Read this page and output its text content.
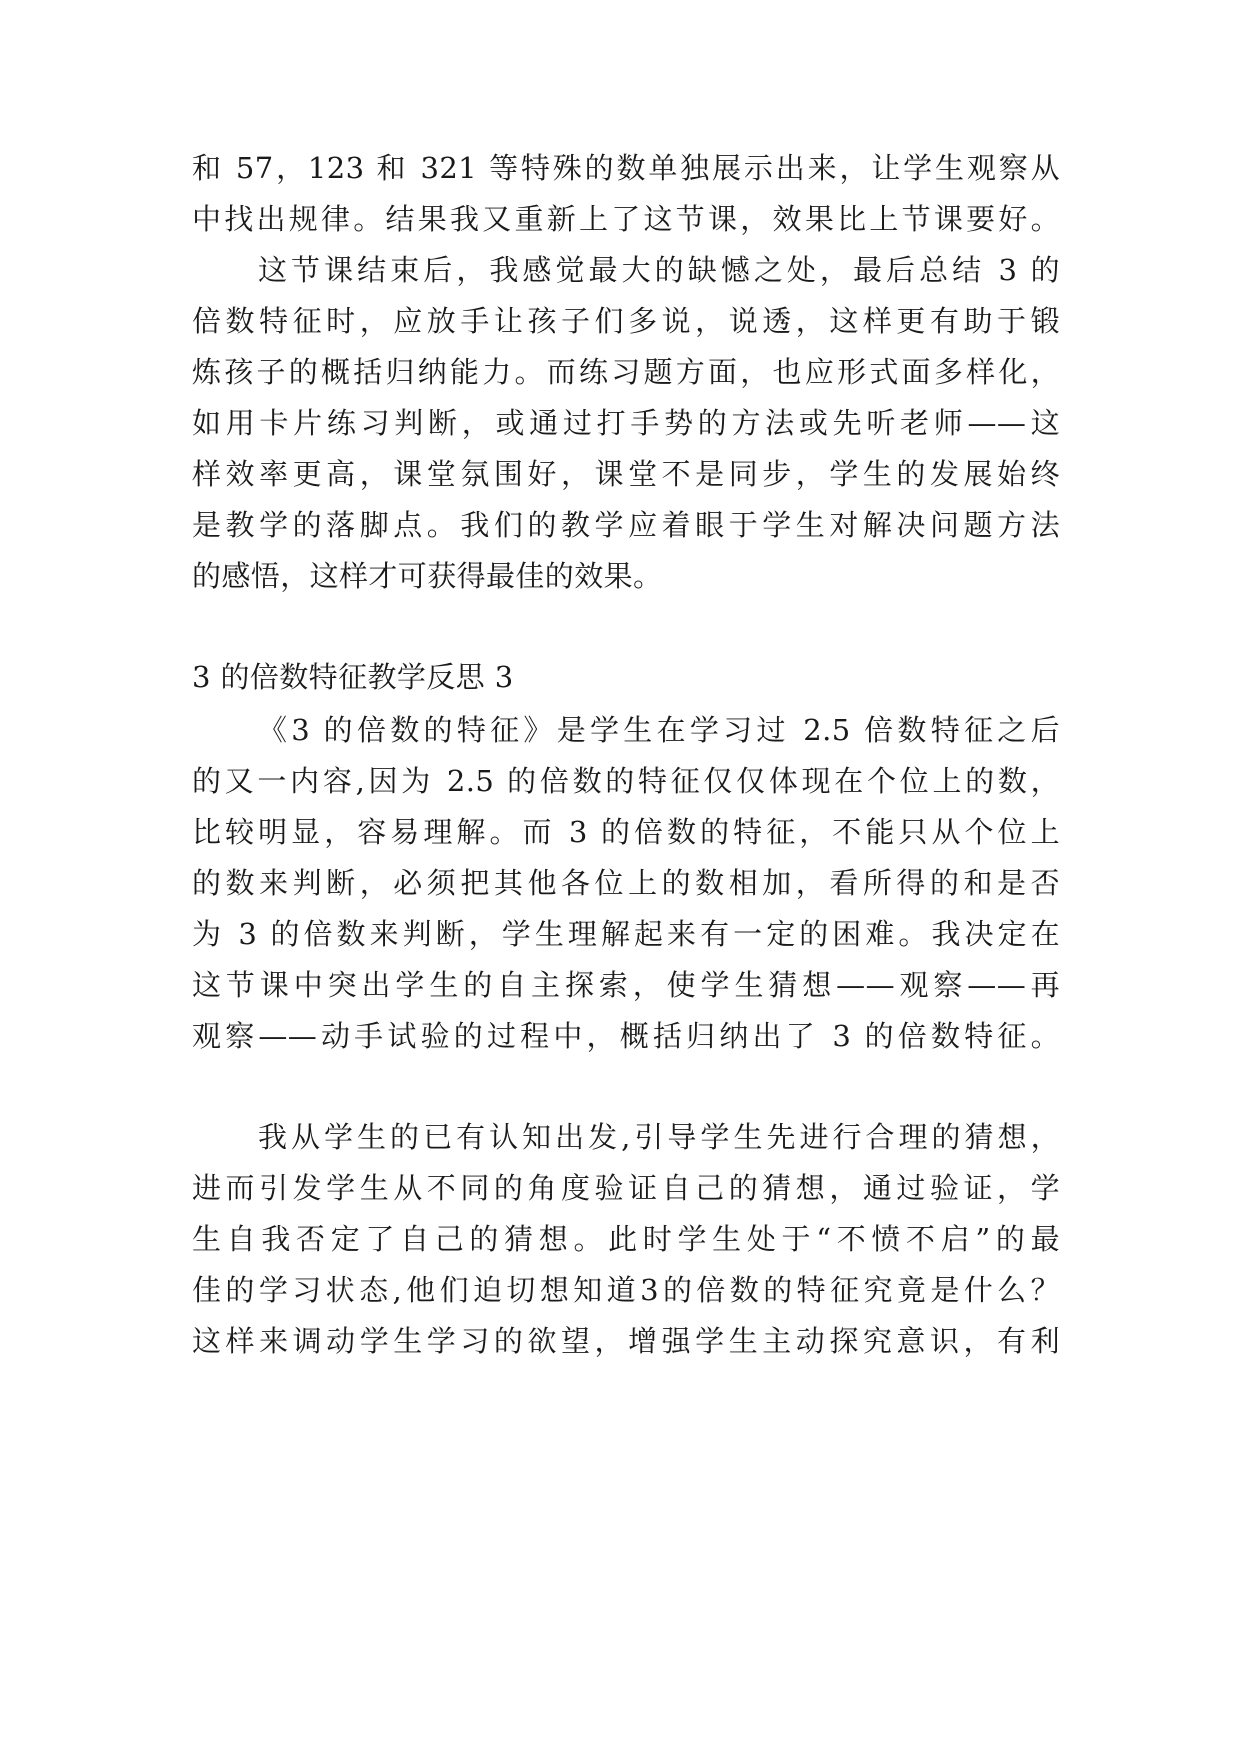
和 57，123 和 321 等特殊的数单独展示出来，让学生观察从
中找出规律。结果我又重新上了这节课，效果比上节课要好。
这节课结束后，我感觉最大的缺憾之处，最后总结 3 的
倍数特征时，应放手让孩子们多说，说透，这样更有助于锻
炼孩子的概括归纳能力。而练习题方面，也应形式面多样化，
如用卡片练习判断，或通过打手势的方法或先听老师——这
样效率更高，课堂氛围好，课堂不是同步，学生的发展始终
是教学的落脚点。我们的教学应着眼于学生对解决问题方法
的感悟，这样才可获得最佳的效果。
3 的倍数特征教学反思 3
《3 的倍数的特征》是学生在学习过 2.5 倍数特征之后
的又一内容,因为 2.5 的倍数的特征仅仅体现在个位上的数，
比较明显，容易理解。而 3 的倍数的特征，不能只从个位上
的数来判断，必须把其他各位上的数相加，看所得的和是否
为 3 的倍数来判断，学生理解起来有一定的困难。我决定在
这节课中突出学生的自主探索，使学生猜想——观察——再
观察——动手试验的过程中，概括归纳出了 3 的倍数特征。
我从学生的已有认知出发,引导学生先进行合理的猜想，
进而引发学生从不同的角度验证自己的猜想，通过验证，学
生自我否定了自己的猜想。此时学生处于“不愤不启”的最
佳的学习状态,他们迫切想知道3的倍数的特征究竟是什么？
这样来调动学生学习的欲望，增强学生主动探究意识，有利
